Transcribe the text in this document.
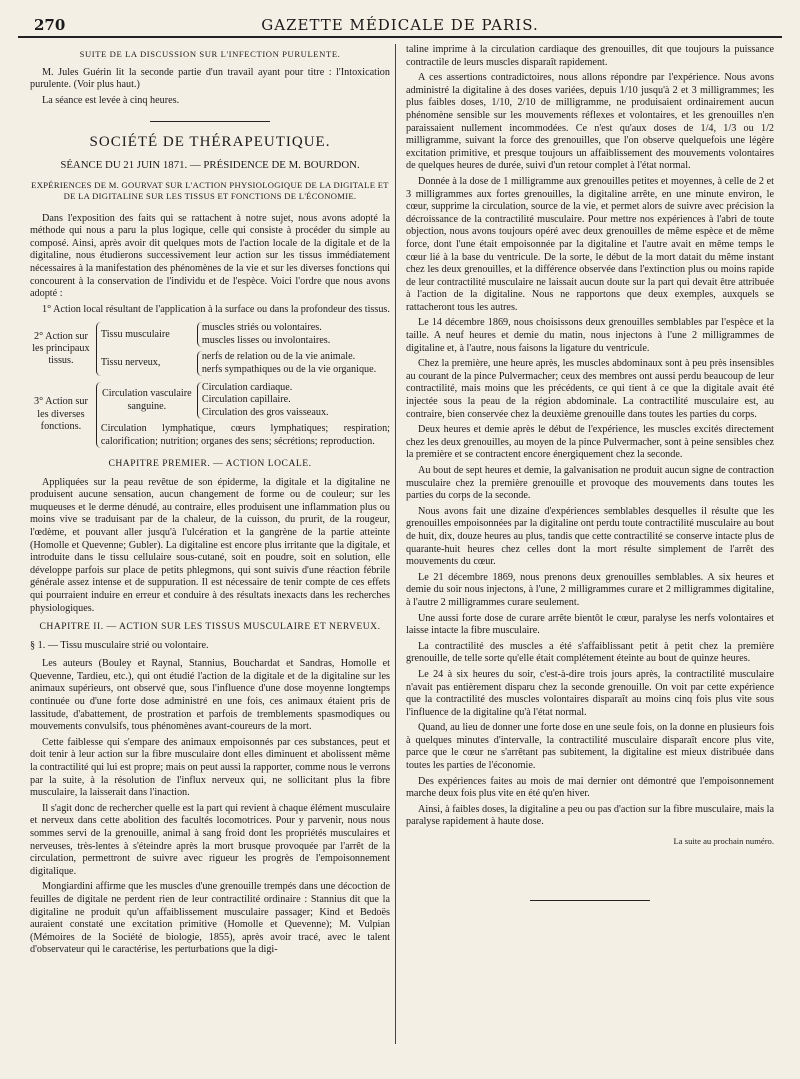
270	GAZETTE MÉDICALE DE PARIS.
SUITE DE LA DISCUSSION SUR L'INFECTION PURULENTE.

M. Jules Guérin lit la seconde partie d'un travail ayant pour titre : l'Intoxication purulente. (Voir plus haut.)

La séance est levée à cinq heures.

SOCIÉTÉ DE THÉRAPEUTIQUE.
SÉANCE DU 21 JUIN 1871. — PRÉSIDENCE DE M. BOURDON.
EXPÉRIENCES DE M. GOURVAT SUR L'ACTION PHYSIOLOGIQUE DE LA DIGITALE ET DE LA DIGITALINE SUR LES TISSUS ET FONCTIONS DE L'ÉCONOMIE.

Dans l'exposition des faits qui se rattachent à notre sujet, nous avons adopté la méthode qui nous a paru la plus logique, celle qui consiste à procéder du simple au composé. Ainsi, après avoir dit quelques mots de l'action locale de la digitale et de la digitaline, nous étudierons successivement leur action sur les tissus immédiatement nécessaires à la manifestation des phénomènes de la vie et sur les diverses fonctions qui concourent à la conservation de l'individu et de l'espèce. Voici l'ordre que nous avons adopté :

1° Action local résultant de l'application à la surface ou dans la profondeur des tissus.

2° Action sur les principaux tissus.
Tissu musculaire
muscles striés ou volontaires.
muscles lisses ou involontaires.
Tissu nerveux,
nerfs de relation ou de la vie animale.
nerfs sympathiques ou de la vie organique.
3° Action sur les diverses fonctions.
Circulation vasculaire sanguine.
Circulation cardiaque.
Circulation capillaire.
Circulation des gros vaisseaux.
Circulation lymphatique, cœurs lymphatiques; respiration; calorification; nutrition; organes des sens; sécrétions; reproduction.
CHAPITRE PREMIER. — ACTION LOCALE.

Appliquées sur la peau revêtue de son épiderme, la digitale et la digitaline ne produisent aucune sensation, aucun changement de forme ou de couleur; sur les muqueuses et le derme dénudé, au contraire, elles produisent une inflammation plus ou moins vive se traduisant par de la chaleur, de la cuisson, du prurit, de la rougeur, l'œdème, et pouvant aller jusqu'à l'ulcération et la gangrène de la partie atteinte (Homolle et Quevenne; Gubler). La digitaline est encore plus irritante que la digitale, et introduite dans le tissu cellulaire sous-cutané, soit en poudre, soit en solution, elle développe parfois sur place de petits phlegmons, qui sont suivis d'une réaction fébrile générale assez intense et de suppuration. Il est nécessaire de tenir compte de ces effets qui pourraient induire en erreur et conduire à des résultats inexacts dans les recherches physiologiques.

CHAPITRE II. — ACTION SUR LES TISSUS MUSCULAIRE ET NERVEUX.

§ 1. — Tissu musculaire strié ou volontaire.

Les auteurs (Bouley et Raynal, Stannius, Bouchardat et Sandras, Homolle et Quevenne, Tardieu, etc.), qui ont étudié l'action de la digitale et de la digitaline sur les animaux supérieurs, ont observé que, sous l'influence d'une dose moyenne longtemps continuée ou d'une forte dose administré en une fois, ces animaux étaient pris de lassitude, d'abattement, de prostration et parfois de tremblements spasmodiques ou mouvements convulsifs, tous phénomènes avant-coureurs de la mort.

Cette faiblesse qui s'empare des animaux empoisonnés par ces substances, peut et doit tenir à leur action sur la fibre musculaire dont elles diminuent et abolissent même la contractilité qui lui est propre; mais on peut aussi la rapporter, comme nous le verrons par la suite, à la résolution de l'influx nerveux qui, ne sollicitant plus la fibre musculaire, la laisserait dans l'inaction.

Il s'agit donc de rechercher quelle est la part qui revient à chaque élément musculaire et nerveux dans cette abolition des facultés locomotrices. Pour y parvenir, nous nous sommes servi de la grenouille, animal à sang froid dont les propriétés musculaires et nerveuses, très-lentes à s'éteindre après la mort brusque provoquée par l'arrêt de la circulation, permettront de suivre avec rigueur les progrès de l'empoisonnement digitalique.

Mongiardini affirme que les muscles d'une grenouille trempés dans une décoction de feuilles de digitale ne perdent rien de leur contractilité ordinaire : Stannius dit que la digitaline ne produit qu'un affaiblissement musculaire passager; Kind et Bedoës auraient constaté une excitation primitive (Homolle et Quevenne); M. Vulpian (Mémoires de la Société de biologie, 1855), après avoir tracé, avec le talent d'observateur qui le caractérise, les perturbations que la digi-

taline imprime à la circulation cardiaque des grenouilles, dit que toujours la puissance contractile de leurs muscles disparaît rapidement.

A ces assertions contradictoires, nous allons répondre par l'expérience. Nous avons administré la digitaline à des doses variées, depuis 1/10 jusqu'à 2 et 3 milligrammes; les plus faibles doses, 1/10, 2/10 de milligramme, ne produisaient ordinairement aucun phénomène sensible sur les mouvements réflexes et volontaires, et les grenouilles n'en paraissaient nullement incommodées. Ce n'est qu'aux doses de 1/4, 1/3 ou 1/2 milligramme, suivant la force des grenouilles, que l'on observe quelquefois une légère excitation primitive, et presque toujours un affaiblissement des mouvements volontaires de quelques heures de durée, suivi d'un retour complet à l'état normal.

Donnée à la dose de 1 milligramme aux grenouilles petites et moyennes, à celle de 2 et 3 milligrammes aux fortes grenouilles, la digitaline arrête, en une minute environ, le cœur, supprime la circulation, source de la vie, et permet alors de suivre avec précision la décroissance de la contractilité musculaire. Pour mettre nos expériences à l'abri de toute objection, nous avons toujours opéré avec deux grenouilles de même espèce et de même force, dont l'une était empoisonnée par la digitaline et l'autre avait en même temps le cœur lié à la base du ventricule. De la sorte, le début de la mort datait du même instant chez les deux grenouilles, et la différence observée dans l'extinction plus ou moins rapide de leur contractilité musculaire ne laissait aucun doute sur la part qui devait être attribuée à l'action de la digitaline. Nous ne rapportons que deux exemples, auxquels se rattacheront tous les autres.

Le 14 décembre 1869, nous choisissons deux grenouilles semblables par l'espèce et la taille. A neuf heures et demie du matin, nous injectons à l'une 2 milligrammes de digitaline et, à l'autre, nous faisons la ligature du ventricule.

Chez la première, une heure après, les muscles abdominaux sont à peu près insensibles au courant de la pince Pulvermacher; ceux des membres ont aussi perdu beaucoup de leur contractilité, mais moins que les précédents, ce qui tient à ce que la digitale avait été injectée sous la peau de la région abdominale. La contractilité musculaire est, au contraire, bien conservée chez la deuxième grenouille dans toutes les parties du corps.

Deux heures et demie après le début de l'expérience, les muscles excités directement chez les deux grenouilles, au moyen de la pince Pulvermacher, sont à peine sensibles chez la première et se contractent encore énergiquement chez la seconde.

Au bout de sept heures et demie, la galvanisation ne produit aucun signe de contraction musculaire chez la première grenouille et provoque des mouvements dans toutes les parties du corps de la seconde.

Nous avons fait une dizaine d'expériences semblables desquelles il résulte que les grenouilles empoisonnées par la digitaline ont perdu toute contractilité musculaire au bout de huit, dix, douze heures au plus, tandis que cette contractilité se conserve intacte plus de quarante-huit heures chez celles dont la mort résulte simplement de l'arrêt des mouvements du cœur.

Le 21 décembre 1869, nous prenons deux grenouilles semblables. A six heures et demie du soir nous injectons, à l'une, 2 milligrammes curare et 2 milligrammes digitaline, à l'autre 2 milligrammes curare seulement.

Une aussi forte dose de curare arrête bientôt le cœur, paralyse les nerfs volontaires et laisse intacte la fibre musculaire.

La contractilité des muscles a été s'affaiblissant petit à petit chez la première grenouille, de telle sorte qu'elle était complétement éteinte au bout de quinze heures.

Le 24 à six heures du soir, c'est-à-dire trois jours après, la contractilité musculaire n'avait pas entièrement disparu chez la seconde grenouille. On voit par cette expérience que la contractilité des muscles volontaires disparaît au moins cinq fois plus vite sous l'influence de la digitaline qu'à l'état normal.

Quand, au lieu de donner une forte dose en une seule fois, on la donne en plusieurs fois à quelques minutes d'intervalle, la contractilité musculaire disparaît encore plus vite, parce que le cœur ne s'arrêtant pas subitement, la digitaline est mieux distribuée dans toutes les parties de l'économie.

Des expériences faites au mois de mai dernier ont démontré que l'empoisonnement marche deux fois plus vite en été qu'en hiver.

Ainsi, à faibles doses, la digitaline a peu ou pas d'action sur la fibre musculaire, mais la paralyse rapidement à haute dose.

La suite au prochain numéro.
